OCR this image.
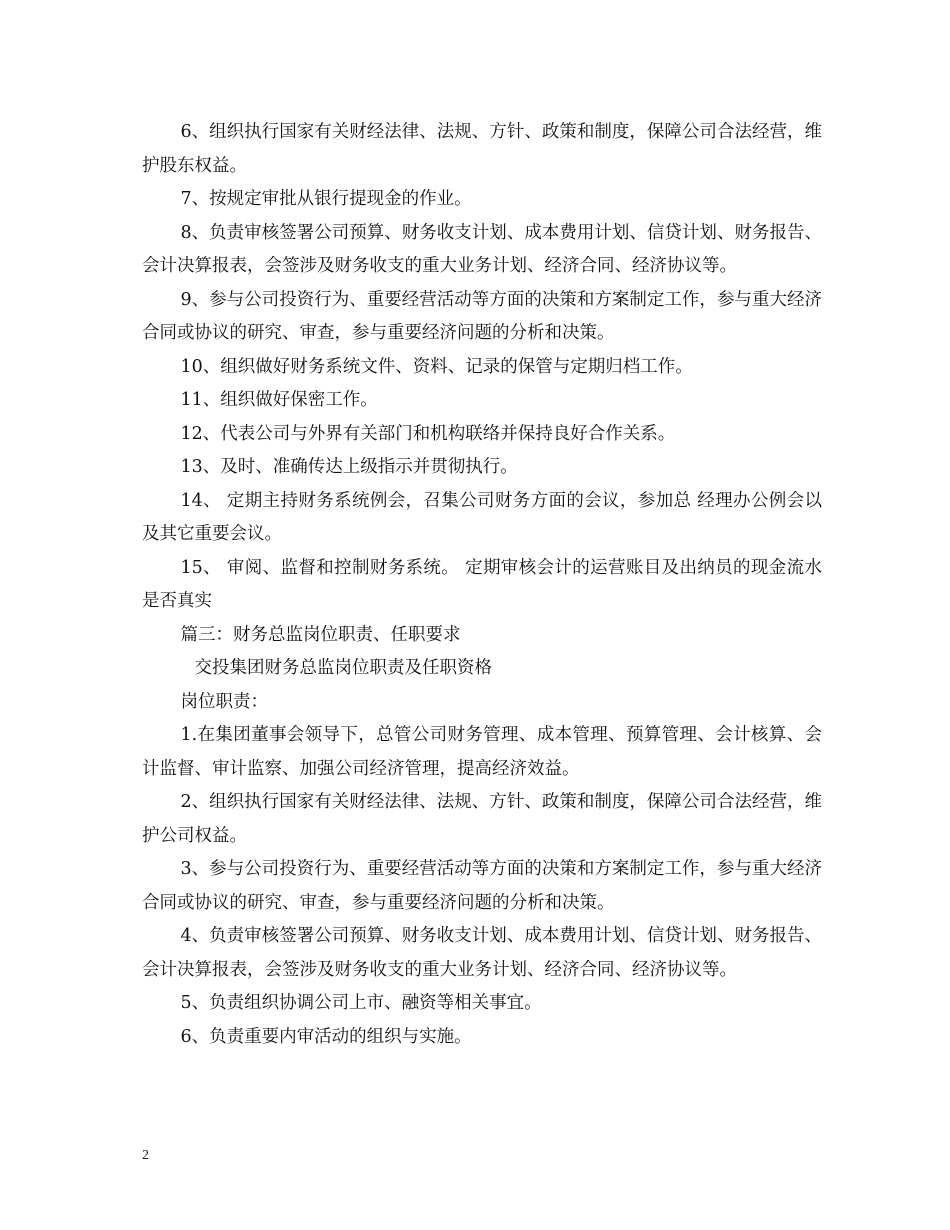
6、组织执行国家有关财经法律、法规、方针、政策和制度，保障公司合法经营，维护股东权益。

7、按规定审批从银行提现金的作业。

8、负责审核签署公司预算、财务收支计划、成本费用计划、信贷计划、财务报告、会计决算报表，会签涉及财务收支的重大业务计划、经济合同、经济协议等。

9、参与公司投资行为、重要经营活动等方面的决策和方案制定工作，参与重大经济合同或协议的研究、审查，参与重要经济问题的分析和决策。

10、组织做好财务系统文件、资料、记录的保管与定期归档工作。

11、组织做好保密工作。

12、代表公司与外界有关部门和机构联络并保持良好合作关系。

13、及时、准确传达上级指示并贯彻执行。

14、 定期主持财务系统例会，召集公司财务方面的会议，参加总 经理办公例会以及其它重要会议。

15、 审阅、监督和控制财务系统。 定期审核会计的运营账目及出纳员的现金流水是否真实

篇三：财务总监岗位职责、任职要求

交投集团财务总监岗位职责及任职资格

岗位职责：

1.在集团董事会领导下，总管公司财务管理、成本管理、预算管理、会计核算、会计监督、审计监察、加强公司经济管理，提高经济效益。

2、组织执行国家有关财经法律、法规、方针、政策和制度，保障公司合法经营，维护公司权益。

3、参与公司投资行为、重要经营活动等方面的决策和方案制定工作，参与重大经济合同或协议的研究、审查，参与重要经济问题的分析和决策。

4、负责审核签署公司预算、财务收支计划、成本费用计划、信贷计划、财务报告、会计决算报表，会签涉及财务收支的重大业务计划、经济合同、经济协议等。

5、负责组织协调公司上市、融资等相关事宜。

6、负责重要内审活动的组织与实施。

2
